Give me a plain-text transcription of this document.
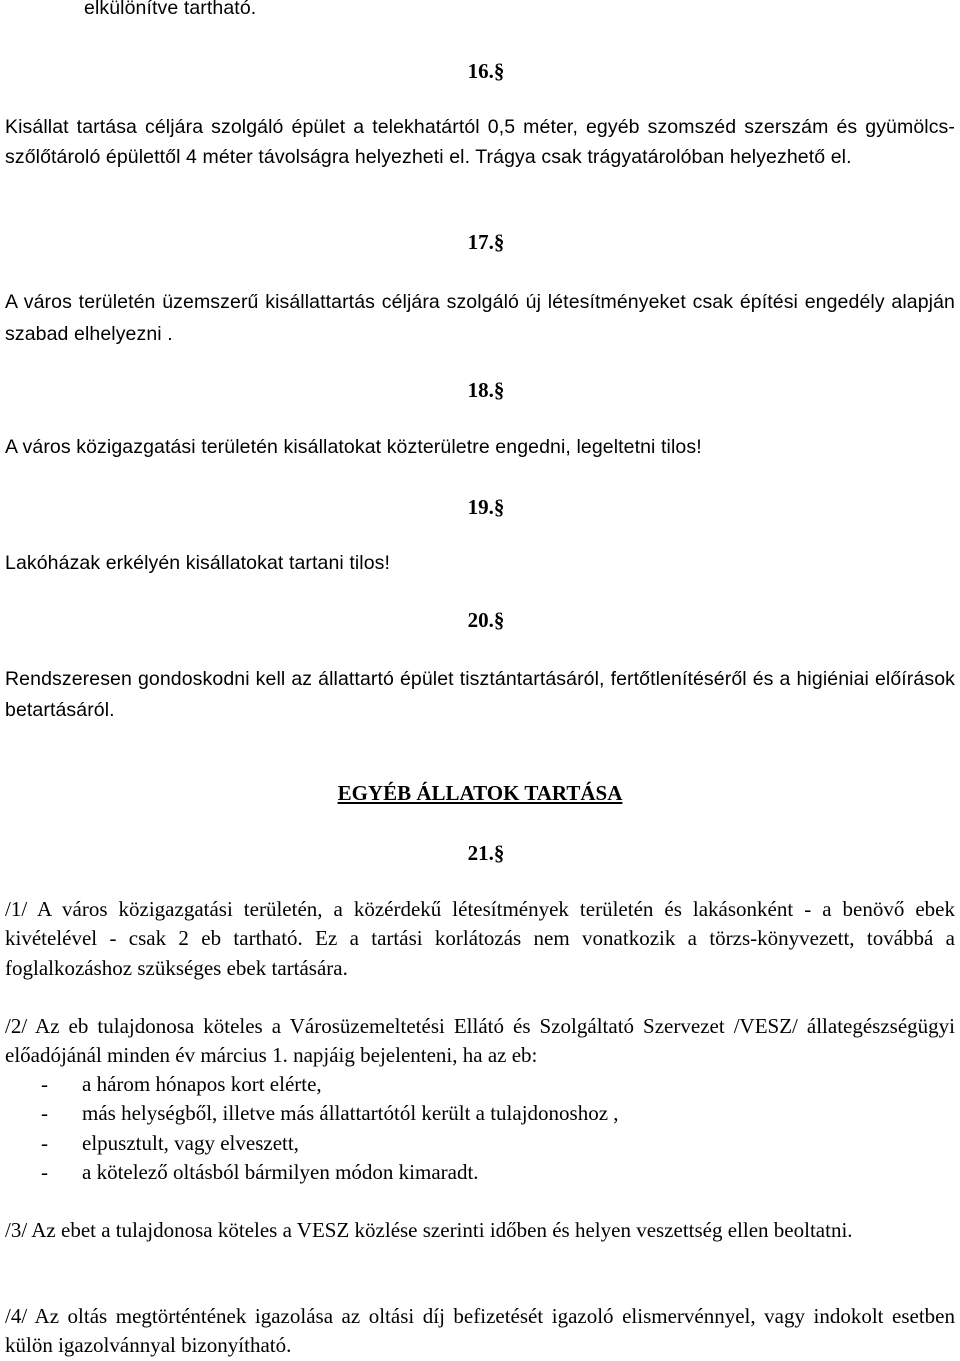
elkülönítve tartható.

16.§

Kisállat tartása céljára szolgáló épület a telekhatártól 0,5 méter, egyéb szomszéd szerszám és gyümölcs-szőlőtároló épülettől 4 méter távolságra helyezheti el. Trágya csak trágyatárolóban helyezhető el.

17.§

A város területén üzemszerű kisállattartás céljára szolgáló új létesítményeket csak építési engedély alapján szabad elhelyezni .

18.§

A város közigazgatási területén kisállatokat közterületre engedni, legeltetni tilos!

19.§

Lakóházak erkélyén kisállatokat tartani tilos!

20.§

Rendszeresen gondoskodni kell az állattartó épület tisztántartásáról, fertőtlenítéséről és a higiéniai előírások betartásáról.

EGYÉB ÁLLATOK TARTÁSA

21.§

/1/ A város közigazgatási területén, a közérdekű létesítmények területén és lakásonként - a benövő ebek kivételével - csak 2 eb tartható. Ez a tartási korlátozás nem vonatkozik a törzs-könyvezett, továbbá a foglalkozáshoz szükséges ebek tartására.

/2/ Az eb tulajdonosa köteles a Városüzemeltetési Ellátó és Szolgáltató Szervezet /VESZ/ állategészségügyi előadójánál minden év március 1. napjáig bejelenteni, ha az eb:

- a három hónapos kort elérte,
- más helységből, illetve más állattartótól került a tulajdonoshoz ,
- elpusztult, vagy elveszett,
- a kötelező oltásból bármilyen módon kimaradt.

/3/ Az ebet a tulajdonosa köteles a VESZ közlése szerinti időben és helyen veszettség ellen beoltatni.

/4/ Az oltás megtörténtének igazolása az oltási díj befizetését igazoló elismervénnyel, vagy indokolt esetben külön igazolvánnyal bizonyítható.
